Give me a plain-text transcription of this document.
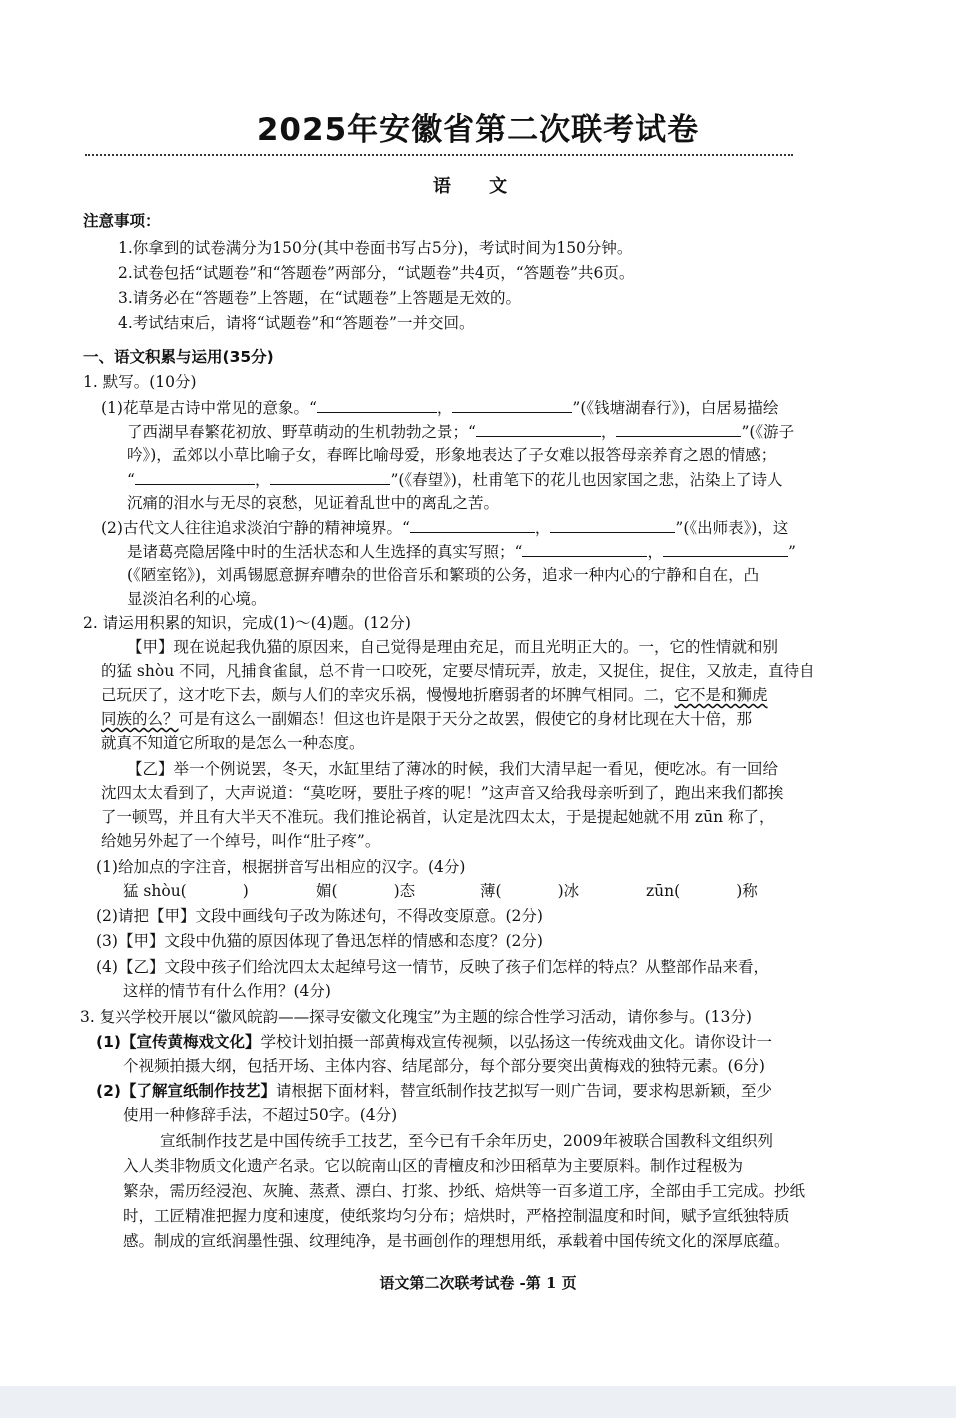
2025年安徽省第二次联考试卷
语 文
注意事项：
1.你拿到的试卷满分为150分(其中卷面书写占5分)，考试时间为150分钟。
2.试卷包括“试题卷”和“答题卷”两部分，“试题卷”共4页，“答题卷”共6页。
3.请务必在“答题卷”上答题，在“试题卷”上答题是无效的。
4.考试结束后，请将“试题卷”和“答题卷”一并交回。
一、语文积累与运用(35分)
1. 默写。(10分)
(1)花草是古诗中常见的意象。“	，	”(《钱塘湖春行》)，白居易描绘
了西湖早春繁花初放、野草萌动的生机勃勃之景；“	，	”(《游子
吟》)，孟郊以小草比喻子女，春晖比喻母爱，形象地表达了子女难以报答母亲养育之恩的情感；
“	，	”(《春望》)，杜甫笔下的花儿也因家国之悲，沾染上了诗人
沉痛的泪水与无尽的哀愁，见证着乱世中的离乱之苦。
(2)古代文人往往追求淡泊宁静的精神境界。“	，	”(《出师表》)，这
是诸葛亮隐居隆中时的生活状态和人生选择的真实写照；“	，	”
(《陋室铭》)，刘禹锡愿意摒弃嘈杂的世俗音乐和繁琐的公务，追求一种内心的宁静和自在，凸
显淡泊名利的心境。
2. 请运用积累的知识，完成(1)～(4)题。(12分)
【甲】现在说起我仇猫的原因来，自己觉得是理由充足，而且光明正大的。一，它的性情就和别
的猛 shòu 不同，凡捕食雀鼠，总不肯一口咬死，定要尽情玩弄，放走，又捉住，捉住，又放走，直待自
己玩厌了，这才吃下去，颇与人们的幸灾乐祸，慢慢地折磨弱者的坏脾气相同。二，它不是和狮虎
同族的么？可是有这么一副媚态！但这也许是限于天分之故罢，假使它的身材比现在大十倍，那
就真不知道它所取的是怎么一种态度。
【乙】举一个例说罢，冬天，水缸里结了薄冰的时候，我们大清早起一看见，便吃冰。有一回给
沈四太太看到了，大声说道：“莫吃呀，要肚子疼的呢！”这声音又给我母亲听到了，跑出来我们都挨
了一顿骂，并且有大半天不准玩。我们推论祸首，认定是沈四太太，于是提起她就不用 zūn 称了，
给她另外起了一个绰号，叫作“肚子疼”。
(1)给加点的字注音，根据拼音写出相应的汉字。(4分)
猛 shòu(	)	媚(	)态	薄(	)冰	zūn(	)称
(2)请把【甲】文段中画线句子改为陈述句，不得改变原意。(2分)
(3)【甲】文段中仇猫的原因体现了鲁迅怎样的情感和态度？(2分)
(4)【乙】文段中孩子们给沈四太太起绰号这一情节，反映了孩子们怎样的特点？从整部作品来看，
这样的情节有什么作用？(4分)
3. 复兴学校开展以“徽风皖韵——探寻安徽文化瑰宝”为主题的综合性学习活动，请你参与。(13分)
(1)【宣传黄梅戏文化】学校计划拍摄一部黄梅戏宣传视频，以弘扬这一传统戏曲文化。请你设计一
个视频拍摄大纲，包括开场、主体内容、结尾部分，每个部分要突出黄梅戏的独特元素。(6分)
(2)【了解宣纸制作技艺】请根据下面材料，替宣纸制作技艺拟写一则广告词，要求构思新颖，至少
使用一种修辞手法，不超过50字。(4分)
宣纸制作技艺是中国传统手工技艺，至今已有千余年历史，2009年被联合国教科文组织列
入人类非物质文化遗产名录。它以皖南山区的青檀皮和沙田稻草为主要原料。制作过程极为
繁杂，需历经浸泡、灰腌、蒸煮、漂白、打浆、抄纸、焙烘等一百多道工序，全部由手工完成。抄纸
时，工匠精准把握力度和速度，使纸浆均匀分布；焙烘时，严格控制温度和时间，赋予宣纸独特质
感。制成的宣纸润墨性强、纹理纯净，是书画创作的理想用纸，承载着中国传统文化的深厚底蕴。
语文第二次联考试卷 -第 1 页
